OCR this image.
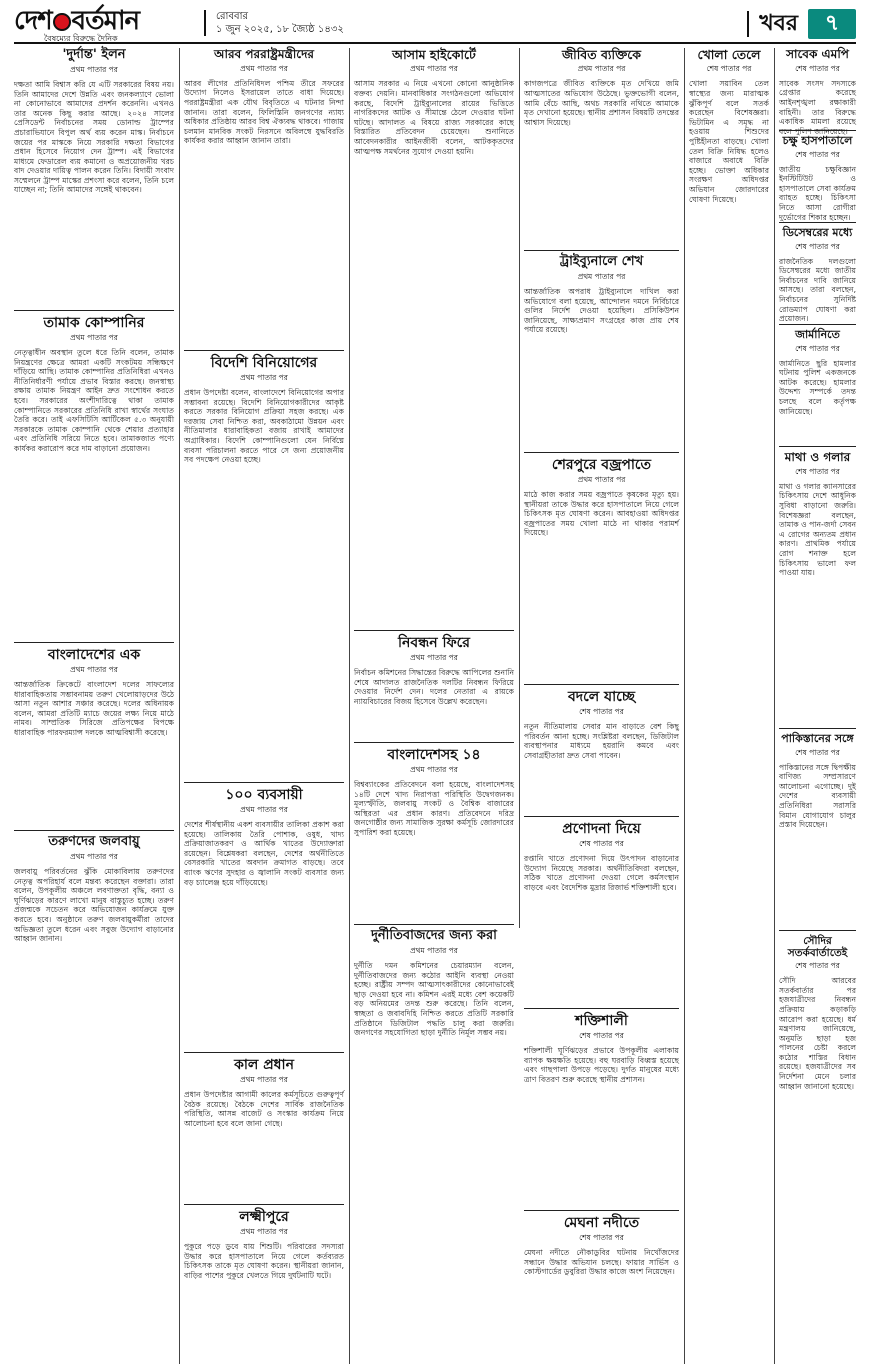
দেশ বর্তমান
বৈষম্যের বিরুদ্ধে দৈনিক
রোববার
১ জুন ২০২৫, ১৮ জ্যৈষ্ঠ ১৪৩২	খবর	৭
'দুর্দান্ত' ইলন
প্রথম পাতার পর
দক্ষতা আমি বিশ্বাস করি যে এটি সরকারের বিষয় নয়। তিনি আমাদের দেশে উন্নতি এবং জনকল্যাণে ভোলা না কোনোভাবে আমাদের প্রদর্শন করেননি। এখনও তার অনেক কিছু করার আছে। ২০২৪ সালের প্রেসিডেন্ট নির্বাচনের সময় ডোনাল্ড ট্রাম্পের প্রচারাভিযানে বিপুল অর্থ ব্যয় করেন মাস্ক। নির্বাচনে জয়ের পর মাস্ককে নিয়ে সরকারি দক্ষতা বিভাগের প্রধান হিসেবে নিয়োগ দেন ট্রাম্প। এই বিভাগের মাধ্যমে ফেডারেল ব্যয় কমানো ও অপ্রয়োজনীয় খরচ বাদ দেওয়ার দায়িত্ব পালন করেন তিনি। বিদায়ী সংবাদ সম্মেলনে ট্রাম্প মাস্কের প্রশংসা করে বলেন, তিনি চলে যাচ্ছেন না; তিনি আমাদের সঙ্গেই থাকবেন।
তামাক কোম্পানির
প্রথম পাতার পর
নেতৃত্বাধীন অবস্থান তুলে ধরে তিনি বলেন, তামাক নিয়ন্ত্রণের ক্ষেত্রে আমরা একটি সংকটময় সন্ধিক্ষণে দাঁড়িয়ে আছি। তামাক কোম্পানির প্রতিনিধিরা এখনও নীতিনির্ধারণী পর্যায়ে প্রভাব বিস্তার করছে। জনস্বাস্থ্য রক্ষায় তামাক নিয়ন্ত্রণ আইন দ্রুত সংশোধন করতে হবে। সরকারের অংশীদারিত্বে থাকা তামাক কোম্পানিতে সরকারের প্রতিনিধি রাখা স্বার্থের সংঘাত তৈরি করে। তাই এফসিটিসি আর্টিকেল ৫.৩ অনুযায়ী সরকারকে তামাক কোম্পানি থেকে শেয়ার প্রত্যাহার এবং প্রতিনিধি সরিয়ে নিতে হবে। তামাকজাত পণ্যে কার্যকর করারোপ করে দাম বাড়ানো প্রয়োজন।
বাংলাদেশের এক
প্রথম পাতার পর
আন্তর্জাতিক ক্রিকেটে বাংলাদেশ দলের সাফল্যের ধারাবাহিকতায় সম্ভাবনাময় তরুণ খেলোয়াড়দের উঠে আসা নতুন আশার সঞ্চার করেছে। দলের অধিনায়ক বলেন, আমরা প্রতিটি ম্যাচে জয়ের লক্ষ্য নিয়ে মাঠে নামব। সাম্প্রতিক সিরিজে প্রতিপক্ষের বিপক্ষে ধারাবাহিক পারফরম্যান্স দলকে আত্মবিশ্বাসী করেছে।
তরুণদের জলবায়ু
প্রথম পাতার পর
জলবায়ু পরিবর্তনের ঝুঁকি মোকাবিলায় তরুণদের নেতৃত্ব অপরিহার্য বলে মন্তব্য করেছেন বক্তারা। তারা বলেন, উপকূলীয় অঞ্চলে লবণাক্ততা বৃদ্ধি, বন্যা ও ঘূর্ণিঝড়ের কারণে লাখো মানুষ বাস্তুচ্যুত হচ্ছে। তরুণ প্রজন্মকে সচেতন করে অভিযোজন কার্যক্রমে যুক্ত করতে হবে। অনুষ্ঠানে তরুণ জলবায়ুকর্মীরা তাদের অভিজ্ঞতা তুলে ধরেন এবং সবুজ উদ্যোগ বাড়ানোর আহ্বান জানান।
আরব পররাষ্ট্রমন্ত্রীদের
প্রথম পাতার পর
আরব লীগের প্রতিনিধিদল পশ্চিম তীরে সফরের উদ্যোগ নিলেও ইসরায়েল তাতে বাধা দিয়েছে। পররাষ্ট্রমন্ত্রীরা এক যৌথ বিবৃতিতে এ ঘটনার নিন্দা জানান। তারা বলেন, ফিলিস্তিনি জনগণের ন্যায্য অধিকার প্রতিষ্ঠায় আরব বিশ্ব ঐক্যবদ্ধ থাকবে। গাজায় চলমান মানবিক সংকট নিরসনে অবিলম্বে যুদ্ধবিরতি কার্যকর করার আহ্বান জানান তারা।
বিদেশি বিনিয়োগের
প্রথম পাতার পর
প্রধান উপদেষ্টা বলেন, বাংলাদেশে বিনিয়োগের অপার সম্ভাবনা রয়েছে। বিদেশি বিনিয়োগকারীদের আকৃষ্ট করতে সরকার বিনিয়োগ প্রক্রিয়া সহজ করছে। এক দরজায় সেবা নিশ্চিত করা, অবকাঠামো উন্নয়ন এবং নীতিমালার ধারাবাহিকতা বজায় রাখাই আমাদের অগ্রাধিকার। বিদেশি কোম্পানিগুলো যেন নির্বিঘ্নে ব্যবসা পরিচালনা করতে পারে সে জন্য প্রয়োজনীয় সব পদক্ষেপ নেওয়া হচ্ছে।
১০০ ব্যবসায়ী
প্রথম পাতার পর
দেশের শীর্ষস্থানীয় একশ ব্যবসায়ীর তালিকা প্রকাশ করা হয়েছে। তালিকায় তৈরি পোশাক, ওষুধ, খাদ্য প্রক্রিয়াজাতকরণ ও আর্থিক খাতের উদ্যোক্তারা রয়েছেন। বিশ্লেষকরা বলছেন, দেশের অর্থনীতিতে বেসরকারি খাতের অবদান ক্রমাগত বাড়ছে। তবে ব্যাংক ঋণের সুদহার ও জ্বালানি সংকট ব্যবসার জন্য বড় চ্যালেঞ্জ হয়ে দাঁড়িয়েছে।
কাল প্রধান
প্রথম পাতার পর
প্রধান উপদেষ্টার আগামী কালের কর্মসূচিতে গুরুত্বপূর্ণ বৈঠক রয়েছে। বৈঠকে দেশের সার্বিক রাজনৈতিক পরিস্থিতি, আসন্ন বাজেট ও সংস্কার কার্যক্রম নিয়ে আলোচনা হবে বলে জানা গেছে।
লক্ষ্মীপুরে
প্রথম পাতার পর
পুকুরে পড়ে ডুবে যায় শিশুটি। পরিবারের সদস্যরা উদ্ধার করে হাসপাতালে নিয়ে গেলে কর্তব্যরত চিকিৎসক তাকে মৃত ঘোষণা করেন। স্থানীয়রা জানান, বাড়ির পাশের পুকুরে খেলতে গিয়ে দুর্ঘটনাটি ঘটে।
আসাম হাইকোর্টে
প্রথম পাতার পর
আসাম সরকার এ নিয়ে এখনো কোনো আনুষ্ঠানিক বক্তব্য দেয়নি। মানবাধিকার সংগঠনগুলো অভিযোগ করছে, বিদেশি ট্রাইব্যুনালের রায়ের ভিত্তিতে নাগরিকদের আটক ও সীমান্তে ঠেলে দেওয়ার ঘটনা ঘটছে। আদালত এ বিষয়ে রাজ্য সরকারের কাছে বিস্তারিত প্রতিবেদন চেয়েছেন। শুনানিতে আবেদনকারীর আইনজীবী বলেন, আটককৃতদের আত্মপক্ষ সমর্থনের সুযোগ দেওয়া হয়নি।
নিবন্ধন ফিরে
প্রথম পাতার পর
নির্বাচন কমিশনের সিদ্ধান্তের বিরুদ্ধে আপিলের শুনানি শেষে আদালত রাজনৈতিক দলটির নিবন্ধন ফিরিয়ে দেওয়ার নির্দেশ দেন। দলের নেতারা এ রায়কে ন্যায়বিচারের বিজয় হিসেবে উল্লেখ করেছেন।
বাংলাদেশসহ ১৪
প্রথম পাতার পর
বিশ্বব্যাংকের প্রতিবেদনে বলা হয়েছে, বাংলাদেশসহ ১৪টি দেশে খাদ্য নিরাপত্তা পরিস্থিতি উদ্বেগজনক। মূল্যস্ফীতি, জলবায়ু সংকট ও বৈশ্বিক বাজারের অস্থিরতা এর প্রধান কারণ। প্রতিবেদনে দরিদ্র জনগোষ্ঠীর জন্য সামাজিক সুরক্ষা কর্মসূচি জোরদারের সুপারিশ করা হয়েছে।
দুর্নীতিবাজদের জন্য করা
প্রথম পাতার পর
দুর্নীতি দমন কমিশনের চেয়ারম্যান বলেন, দুর্নীতিবাজদের জন্য কঠোর আইনি ব্যবস্থা নেওয়া হচ্ছে। রাষ্ট্রীয় সম্পদ আত্মসাৎকারীদের কোনোভাবেই ছাড় দেওয়া হবে না। কমিশন এরই মধ্যে বেশ কয়েকটি বড় অনিয়মের তদন্ত শুরু করেছে। তিনি বলেন, স্বচ্ছতা ও জবাবদিহি নিশ্চিত করতে প্রতিটি সরকারি প্রতিষ্ঠানে ডিজিটাল পদ্ধতি চালু করা জরুরি। জনগণের সহযোগিতা ছাড়া দুর্নীতি নির্মূল সম্ভব নয়।
জীবিত ব্যক্তিকে
প্রথম পাতার পর
কাগজপত্রে জীবিত ব্যক্তিকে মৃত দেখিয়ে জমি আত্মসাতের অভিযোগ উঠেছে। ভুক্তভোগী বলেন, আমি বেঁচে আছি, অথচ সরকারি নথিতে আমাকে মৃত দেখানো হয়েছে। স্থানীয় প্রশাসন বিষয়টি তদন্তের আশ্বাস দিয়েছে।
ট্রাইব্যুনালে শেখ
প্রথম পাতার পর
আন্তর্জাতিক অপরাধ ট্রাইব্যুনালে দাখিল করা অভিযোগে বলা হয়েছে, আন্দোলন দমনে নির্বিচারে গুলির নির্দেশ দেওয়া হয়েছিল। প্রসিকিউশন জানিয়েছে, সাক্ষ্যপ্রমাণ সংগ্রহের কাজ প্রায় শেষ পর্যায়ে রয়েছে।
শেরপুরে বজ্রপাতে
প্রথম পাতার পর
মাঠে কাজ করার সময় বজ্রপাতে কৃষকের মৃত্যু হয়। স্থানীয়রা তাকে উদ্ধার করে হাসপাতালে নিয়ে গেলে চিকিৎসক মৃত ঘোষণা করেন। আবহাওয়া অধিদপ্তর বজ্রপাতের সময় খোলা মাঠে না থাকার পরামর্শ দিয়েছে।
বদলে যাচ্ছে
শেষ পাতার পর
নতুন নীতিমালায় সেবার মান বাড়াতে বেশ কিছু পরিবর্তন আনা হচ্ছে। সংশ্লিষ্টরা বলছেন, ডিজিটাল ব্যবস্থাপনার মাধ্যমে হয়রানি কমবে এবং সেবাগ্রহীতারা দ্রুত সেবা পাবেন।
প্রণোদনা দিয়ে
শেষ পাতার পর
রপ্তানি খাতে প্রণোদনা দিয়ে উৎপাদন বাড়ানোর উদ্যোগ নিয়েছে সরকার। অর্থনীতিবিদরা বলছেন, সঠিক খাতে প্রণোদনা দেওয়া গেলে কর্মসংস্থান বাড়বে এবং বৈদেশিক মুদ্রার রিজার্ভ শক্তিশালী হবে।
শক্তিশালী
শেষ পাতার পর
শক্তিশালী ঘূর্ণিঝড়ের প্রভাবে উপকূলীয় এলাকায় ব্যাপক ক্ষয়ক্ষতি হয়েছে। বহু ঘরবাড়ি বিধ্বস্ত হয়েছে এবং গাছপালা উপড়ে পড়েছে। দুর্গত মানুষের মধ্যে ত্রাণ বিতরণ শুরু করেছে স্থানীয় প্রশাসন।
মেঘনা নদীতে
শেষ পাতার পর
মেঘনা নদীতে নৌকাডুবির ঘটনায় নিখোঁজদের সন্ধানে উদ্ধার অভিযান চলছে। ফায়ার সার্ভিস ও কোস্টগার্ডের ডুবুরিরা উদ্ধার কাজে অংশ নিয়েছেন।
খোলা তেলে
শেষ পাতার পর
খোলা সয়াবিন তেল স্বাস্থ্যের জন্য মারাত্মক ঝুঁকিপূর্ণ বলে সতর্ক করেছেন বিশেষজ্ঞরা। ভিটামিন এ সমৃদ্ধ না হওয়ায় শিশুদের পুষ্টিহীনতা বাড়ছে। খোলা তেল বিক্রি নিষিদ্ধ হলেও বাজারে অবাধে বিক্রি হচ্ছে। ভোক্তা অধিকার সংরক্ষণ অধিদপ্তর অভিযান জোরদারের ঘোষণা দিয়েছে।
সাবেক এমপি
শেষ পাতার পর
সাবেক সংসদ সদস্যকে গ্রেপ্তার করেছে আইনশৃঙ্খলা রক্ষাকারী বাহিনী। তার বিরুদ্ধে একাধিক মামলা রয়েছে বলে পুলিশ জানিয়েছে।
চক্ষু হাসপাতালে
শেষ পাতার পর
জাতীয় চক্ষুবিজ্ঞান ইনস্টিটিউট ও হাসপাতালে সেবা কার্যক্রম ব্যাহত হচ্ছে। চিকিৎসা নিতে আসা রোগীরা দুর্ভোগের শিকার হচ্ছেন।
ডিসেম্বরের মধ্যে
শেষ পাতার পর
রাজনৈতিক দলগুলো ডিসেম্বরের মধ্যে জাতীয় নির্বাচনের দাবি জানিয়ে আসছে। তারা বলছেন, নির্বাচনের সুনির্দিষ্ট রোডম্যাপ ঘোষণা করা প্রয়োজন।
জার্মানিতে
শেষ পাতার পর
জার্মানিতে ছুরি হামলার ঘটনায় পুলিশ একজনকে আটক করেছে। হামলার উদ্দেশ্য সম্পর্কে তদন্ত চলছে বলে কর্তৃপক্ষ জানিয়েছে।
মাথা ও গলার
শেষ পাতার পর
মাথা ও গলার ক্যানসারের চিকিৎসায় দেশে আধুনিক সুবিধা বাড়ানো জরুরি। বিশেষজ্ঞরা বলছেন, তামাক ও পান-জর্দা সেবন এ রোগের অন্যতম প্রধান কারণ। প্রাথমিক পর্যায়ে রোগ শনাক্ত হলে চিকিৎসায় ভালো ফল পাওয়া যায়।
পাকিস্তানের সঙ্গে
শেষ পাতার পর
পাকিস্তানের সঙ্গে দ্বিপক্ষীয় বাণিজ্য সম্প্রসারণে আলোচনা এগোচ্ছে। দুই দেশের ব্যবসায়ী প্রতিনিধিরা সরাসরি বিমান যোগাযোগ চালুর প্রস্তাব দিয়েছেন।
সৌদির সতর্কবার্তাতেই
শেষ পাতার পর
সৌদি আরবের সতর্কবার্তার পর হজযাত্রীদের নিবন্ধন প্রক্রিয়ায় কড়াকড়ি আরোপ করা হয়েছে। ধর্ম মন্ত্রণালয় জানিয়েছে, অনুমতি ছাড়া হজ পালনের চেষ্টা করলে কঠোর শাস্তির বিধান রয়েছে। হজযাত্রীদের সব নির্দেশনা মেনে চলার আহ্বান জানানো হয়েছে।
